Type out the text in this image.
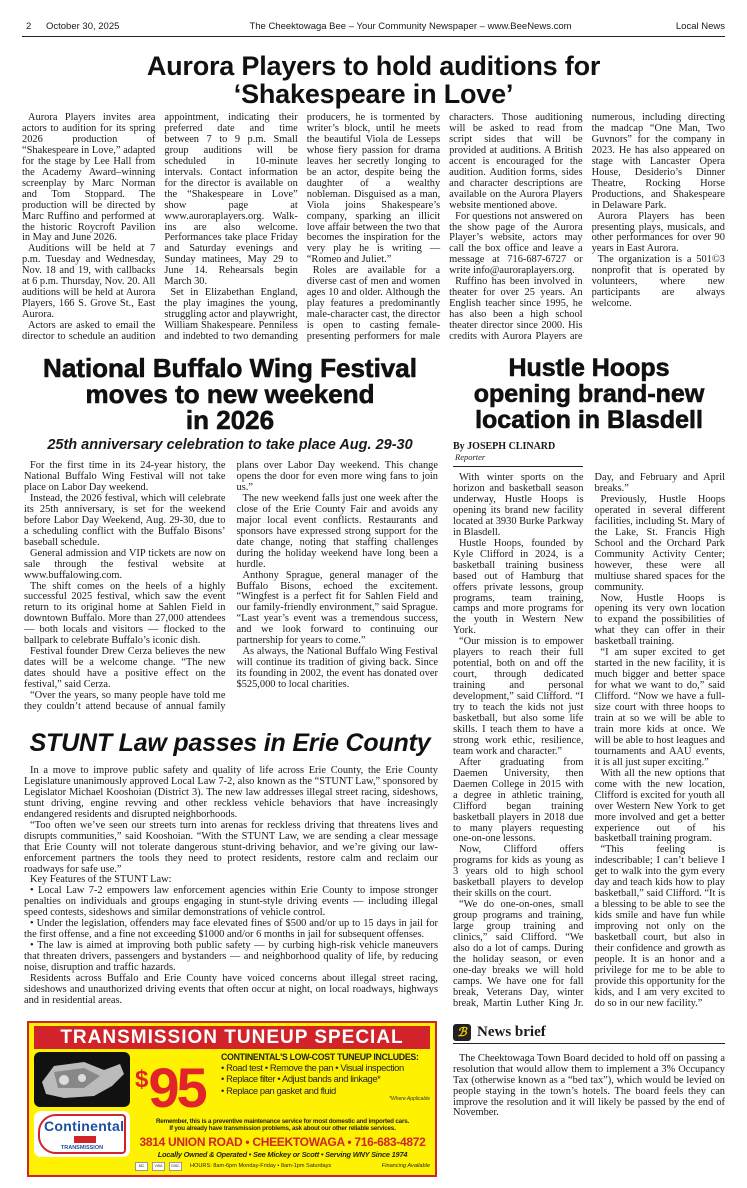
2	October 30, 2025	The Cheektowaga Bee – Your Community Newspaper – www.BeeNews.com	Local News
Aurora Players to hold auditions for
‘Shakespeare in Love’

Aurora Players invites area actors to audition for its spring 2026 production of “Shakespeare in Love,” adapted for the stage by Lee Hall from the Academy Award–winning screenplay by Marc Norman and Tom Stoppard. The production will be directed by Marc Ruffino and performed at the historic Roycroft Pavilion in May and June 2026.

Auditions will be held at 7 p.m. Tuesday and Wednesday, Nov. 18 and 19, with callbacks at 6 p.m. Thursday, Nov. 20. All auditions will be held at Aurora Players, 166 S. Grove St., East Aurora.

Actors are asked to email the director to schedule an audition appointment, indicating their preferred date and time between 7 to 9 p.m. Small group auditions will be scheduled in 10-minute intervals. Contact information for the director is available on the “Shakespeare in Love” show page at www.auroraplayers.org. Walk-ins are also welcome. Performances take place Friday and Saturday evenings and Sunday matinees, May 29 to June 14. Rehearsals begin March 30.

Set in Elizabethan England, the play imagines the young, struggling actor and playwright, William Shakespeare. Penniless and indebted to two demanding producers, he is tormented by writer’s block, until he meets the beautiful Viola de Lesseps whose fiery passion for drama leaves her secretly longing to be an actor, despite being the daughter of a wealthy nobleman. Disguised as a man, Viola joins Shakespeare’s company, sparking an illicit love affair between the two that becomes the inspiration for the very play he is writing — “Romeo and Juliet.”

Roles are available for a diverse cast of men and women ages 10 and older. Although the play features a predominantly male-character cast, the director is open to casting female-presenting performers for male characters. Those auditioning will be asked to read from script sides that will be provided at auditions. A British accent is encouraged for the audition. Audition forms, sides and character descriptions are available on the Aurora Players website mentioned above.

For questions not answered on the show page of the Aurora Player’s website, actors may call the box office and leave a message at 716-687-6727 or write info@auroraplayers.org.

Ruffino has been involved in theater for over 25 years. An English teacher since 1995, he has also been a high school theater director since 2000. His credits with Aurora Players are numerous, including directing the madcap “One Man, Two Guvnors” for the company in 2023. He has also appeared on stage with Lancaster Opera House, Desiderio’s Dinner Theatre, Rocking Horse Productions, and Shakespeare in Delaware Park.

Aurora Players has been presenting plays, musicals, and other performances for over 90 years in East Aurora.

The organization is a 501©3 nonprofit that is operated by volunteers, where new participants are always welcome.

National Buffalo Wing Festival
moves to new weekend
in 2026
25th anniversary celebration to take place Aug. 29-30

For the first time in its 24-year history, the National Buffalo Wing Festival will not take place on Labor Day weekend.

Instead, the 2026 festival, which will celebrate its 25th anniversary, is set for the weekend before Labor Day Weekend, Aug. 29-30, due to a scheduling conflict with the Buffalo Bisons’ baseball schedule.

General admission and VIP tickets are now on sale through the festival website at www.buffalowing.com.

The shift comes on the heels of a highly successful 2025 festival, which saw the event return to its original home at Sahlen Field in downtown Buffalo. More than 27,000 attendees — both locals and visitors — flocked to the ballpark to celebrate Buffalo’s iconic dish.

Festival founder Drew Cerza believes the new dates will be a welcome change. “The new dates should have a positive effect on the festival,” said Cerza.

“Over the years, so many people have told me they couldn’t attend because of annual family plans over Labor Day weekend. This change opens the door for even more wing fans to join us.”

The new weekend falls just one week after the close of the Erie County Fair and avoids any major local event conflicts. Restaurants and sponsors have expressed strong support for the date change, noting that staffing challenges during the holiday weekend have long been a hurdle.

Anthony Sprague, general manager of the Buffalo Bisons, echoed the excitement. “Wingfest is a perfect fit for Sahlen Field and our family-friendly environment,” said Sprague. “Last year’s event was a tremendous success, and we look forward to continuing our partnership for years to come.”

As always, the National Buffalo Wing Festival will continue its tradition of giving back. Since its founding in 2002, the event has donated over $525,000 to local charities.

STUNT Law passes in Erie County

In a move to improve public safety and quality of life across Erie County, the Erie County Legislature unanimously approved Local Law 7-2, also known as the “STUNT Law,” sponsored by Legislator Michael Kooshoian (District 3). The new law addresses illegal street racing, sideshows, stunt driving, engine revving and other reckless vehicle behaviors that have increasingly endangered residents and disrupted neighborhoods.

“Too often we’ve seen our streets turn into arenas for reckless driving that threatens lives and disrupts communities,” said Kooshoian. “With the STUNT Law, we are sending a clear message that Erie County will not tolerate dangerous stunt-driving behavior, and we’re giving our law-enforcement partners the tools they need to protect residents, restore calm and reclaim our roadways for safe use.”

Key Features of the STUNT Law:

• Local Law 7-2 empowers law enforcement agencies within Erie County to impose stronger penalties on individuals and groups engaging in stunt-style driving events — including illegal speed contests, sideshows and similar demonstrations of vehicle control.

• Under the legislation, offenders may face elevated fines of $500 and/or up to 15 days in jail for the first offense, and a fine not exceeding $1000 and/or 6 months in jail for subsequent offenses.

• The law is aimed at improving both public safety — by curbing high-risk vehicle maneuvers that threaten drivers, passengers and bystanders — and neighborhood quality of life, by reducing noise, disruption and traffic hazards.

Residents across Buffalo and Erie County have voiced concerns about illegal street racing, sideshows and unauthorized driving events that often occur at night, on local roadways, highways and in residential areas.

TRANSMISSION TUNEUP SPECIAL
Continental
TRANSMISSION
$95	CONTINENTAL'S LOW-COST TUNEUP INCLUDES:
• Road test • Remove the pan • Visual inspection
• Replace filter • Adjust bands and linkage*
• Replace pan gasket and fluid
*Where Applicable
Remember, this is a preventive maintenance service for most domestic and imported cars.
If you already have transmission problems, ask about our other reliable services.
3814 UNION ROAD • CHEEKTOWAGA • 716-683-4872
Locally Owned & Operated • See Mickey or Scott • Serving WNY Since 1974
MC	VISA	DISC	HOURS: 8am-6pm Monday-Friday • 8am-1pm Saturdays	Financing Available
Hustle Hoops
opening brand-new
location in Blasdell
By JOSEPH CLINARD
Reporter

With winter sports on the horizon and basketball season underway, Hustle Hoops is opening its brand new facility located at 3930 Burke Parkway in Blasdell.

Hustle Hoops, founded by Kyle Clifford in 2024, is a basketball training business based out of Hamburg that offers private lessons, group programs, team training, camps and more programs for the youth in Western New York.

“Our mission is to empower players to reach their full potential, both on and off the court, through dedicated training and personal development,” said Clifford. “I try to teach the kids not just basketball, but also some life skills. I teach them to have a strong work ethic, resilience, team work and character.”

After graduating from Daemen University, then Daemen College in 2015 with a degree in athletic training, Clifford began training basketball players in 2018 due to many players requesting one-on-one lessons.

Now, Clifford offers programs for kids as young as 3 years old to high school basketball players to develop their skills on the court.

“We do one-on-ones, small group programs and training, large group training and clinics,” said Clifford. “We also do a lot of camps. During the holiday season, or even one-day breaks we will hold camps. We have one for fall break, Veterans Day, winter break, Martin Luther King Jr. Day, and February and April breaks.”

Previously, Hustle Hoops operated in several different facilities, including St. Mary of the Lake, St. Francis High School and the Orchard Park Community Activity Center; however, these were all multiuse shared spaces for the community.

Now, Hustle Hoops is opening its very own location to expand the possibilities of what they can offer in their basketball training.

“I am super excited to get started in the new facility, it is much bigger and better space for what we want to do,” said Clifford. “Now we have a full-size court with three hoops to train at so we will be able to train more kids at once. We will be able to host leagues and tournaments and AAU events, it is all just super exciting.”

With all the new options that come with the new location, Clifford is excited for youth all over Western New York to get more involved and get a better experience out of his basketball training program.

“This feeling is indescribable; I can’t believe I get to walk into the gym every day and teach kids how to play basketball,” said Clifford. “It is a blessing to be able to see the kids smile and have fun while improving not only on the basketball court, but also in their confidence and growth as people. It is an honor and a privilege for me to be able to provide this opportunity for the kids, and I am very excited to do so in our new facility.”

ℬ News brief

The Cheektowaga Town Board decided to hold off on passing a resolution that would allow them to implement a 3% Occupancy Tax (otherwise known as a “bed tax”), which would be levied on people staying in the town’s hotels. The board feels they can improve the resolution and it will likely be passed by the end of November.
